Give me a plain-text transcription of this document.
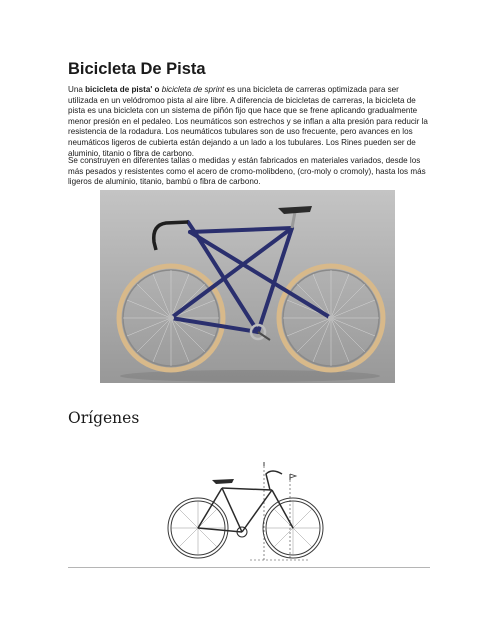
Bicicleta De Pista

Una bicicleta de pista' o bicicleta de sprint es una bicicleta de carreras optimizada para ser utilizada en un velódromoo pista al aire libre. A diferencia de bicicletas de carreras, la bicicleta de pista es una bicicleta con un sistema de piñón fijo que hace que se frene aplicando gradualmente menor presión en el pedaleo. Los neumáticos son estrechos y se inflan a alta presión para reducir la resistencia de la rodadura. Los neumáticos tubulares son de uso frecuente, pero avances en los neumáticos ligeros de cubierta están dejando a un lado a los tubulares. Los Rines pueden ser de aluminio, titanio o fibra de carbono.

Se construyen en diferentes tallas o medidas y están fabricados en materiales variados, desde los más pesados y resistentes como el acero de cromo-molibdeno, (cro-moly o cromoly), hasta los más ligeros de aluminio, titanio, bambú o fibra de carbono.

Orígenes
